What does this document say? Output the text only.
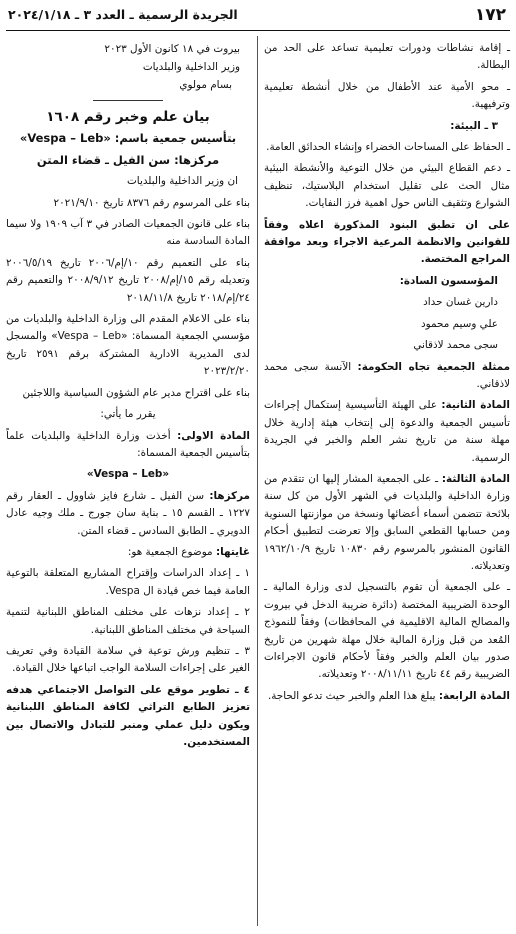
١٧٢
الجريدة الرسمية ـ العدد ٣ ـ ٢٠٢٤/١/١٨

ـ إقامة نشاطات ودورات تعليمية تساعد على الحد من البطالة.

ـ محو الأمية عند الأطفال من خلال أنشطة تعليمية وترفيهية.

٣ ـ البيئة:

ـ الحفاظ على المساحات الخضراء وإنشاء الحدائق العامة.

ـ دعم القطاع البيئي من خلال التوعية والأنشطة البيئية مثال الحث على تقليل استخدام البلاستيك، تنظيف الشوارع وتثقيف الناس حول اهمية فرز النفايات.

على ان تطبق البنود المذكورة اعلاه وفقاً للقوانين والانظمة المرعية الاجراء وبعد موافقة المراجع المختصة.

المؤسسون السادة:

دارين غسان حداد

علي وسيم محمود

سجى محمد لاذقاني

ممثلة الجمعية تجاه الحكومة: الآنسة سجى محمد لاذقاني.

المادة الثانية: على الهيئة التأسيسية إستكمال إجراءات تأسيس الجمعية والدعوة إلى إنتخاب هيئة إدارية خلال مهلة سنة من تاريخ نشر العلم والخبر في الجريدة الرسمية.

المادة الثالثة: ـ على الجمعية المشار إليها ان تتقدم من وزارة الداخلية والبلديات في الشهر الأول من كل سنة بلائحة تتضمن أسماء أعضائها ونسخة من موازنتها السنوية ومن حسابها القطعي السابق وإلا تعرضت لتطبيق أحكام القانون المنشور بالمرسوم رقم ١٠٨٣٠ تاريخ ١٩٦٢/١٠/٩ وتعديلاته.

ـ على الجمعية أن تقوم بالتسجيل لدى وزارة المالية ـ الوحدة الضريبية المختصة (دائرة ضريبة الدخل في بيروت والمصالح المالية الاقليمية في المحافظات) وفقاً للنموذج المُعد من قبل وزارة المالية خلال مهلة شهرين من تاريخ صدور بيان العلم والخبر وفقاً لأحكام قانون الاجراءات الضريبية رقم ٤٤ تاريخ ٢٠٠٨/١١/١١ وتعديلاته.

المادة الرابعة: يبلغ هذا العلم والخبر حيث تدعو الحاجة.

بيروت في ١٨ كانون الأول ٢٠٢٣
وزير الداخلية والبلديات
بسام مولوي

بيان علم وخبر رقم ١٦٠٨

بتأسيس جمعية باسم: «Vespa – Leb»

مركزها: سن الفيل ـ قضاء المتن

ان وزير الداخلية والبلديات

بناء على المرسوم رقم ٨٣٧٦ تاريخ ٢٠٢١/٩/١٠

بناء على قانون الجمعيات الصادر في ٣ آب ١٩٠٩ ولا سيما المادة السادسة منه

بناء على التعميم رقم ١٠/إم/٢٠٠٦ تاريخ ٢٠٠٦/٥/١٩ وتعديله رقم ١٥/إم/٢٠٠٨ تاريخ ٢٠٠٨/٩/١٢ والتعميم رقم ٢٤/إم/٢٠١٨ تاريخ ٢٠١٨/١١/٨

بناء على الاعلام المقدم الى وزارة الداخلية والبلديات من مؤسسي الجمعية المسماة: «Vespa – Leb» والمسجل لدى المديرية الادارية المشتركة برقم ٢٥٩١ تاريخ ٢٠٢٣/٢/٢٠

بناء على اقتراح مدير عام الشؤون السياسية واللاجئين

يقرر ما يأتي:

المادة الاولى: أخذت وزارة الداخلية والبلديات علماً بتأسيس الجمعية المسماة:

«Vespa – Leb»

مركزها: سن الفيل ـ شارع فايز شاوول ـ العقار رقم ١٢٢٧ ـ القسم ١٥ ـ بناية سان جورج ـ ملك وجيه عادل الدويري ـ الطابق السادس ـ قضاء المتن.

غايتها: موضوع الجمعية هو:

١ ـ إعداد الدراسات وإقتراح المشاريع المتعلقة بالتوعية العامة فيما خص قيادة ال Vespa.

٢ ـ إعداد نزهات على مختلف المناطق اللبنانية لتنمية السياحة في مختلف المناطق اللبنانية.

٣ ـ تنظيم ورش توعية في سلامة القيادة وفي تعريف الغير على إجراءات السلامة الواجب اتباعها خلال القيادة.

٤ ـ تطوير موقع على التواصل الاجتماعي هدفه تعزيز الطابع التراثي لكافة المناطق اللبنانية ويكون دليل عملي ومنبر للتبادل والاتصال بين المستخدمين.
